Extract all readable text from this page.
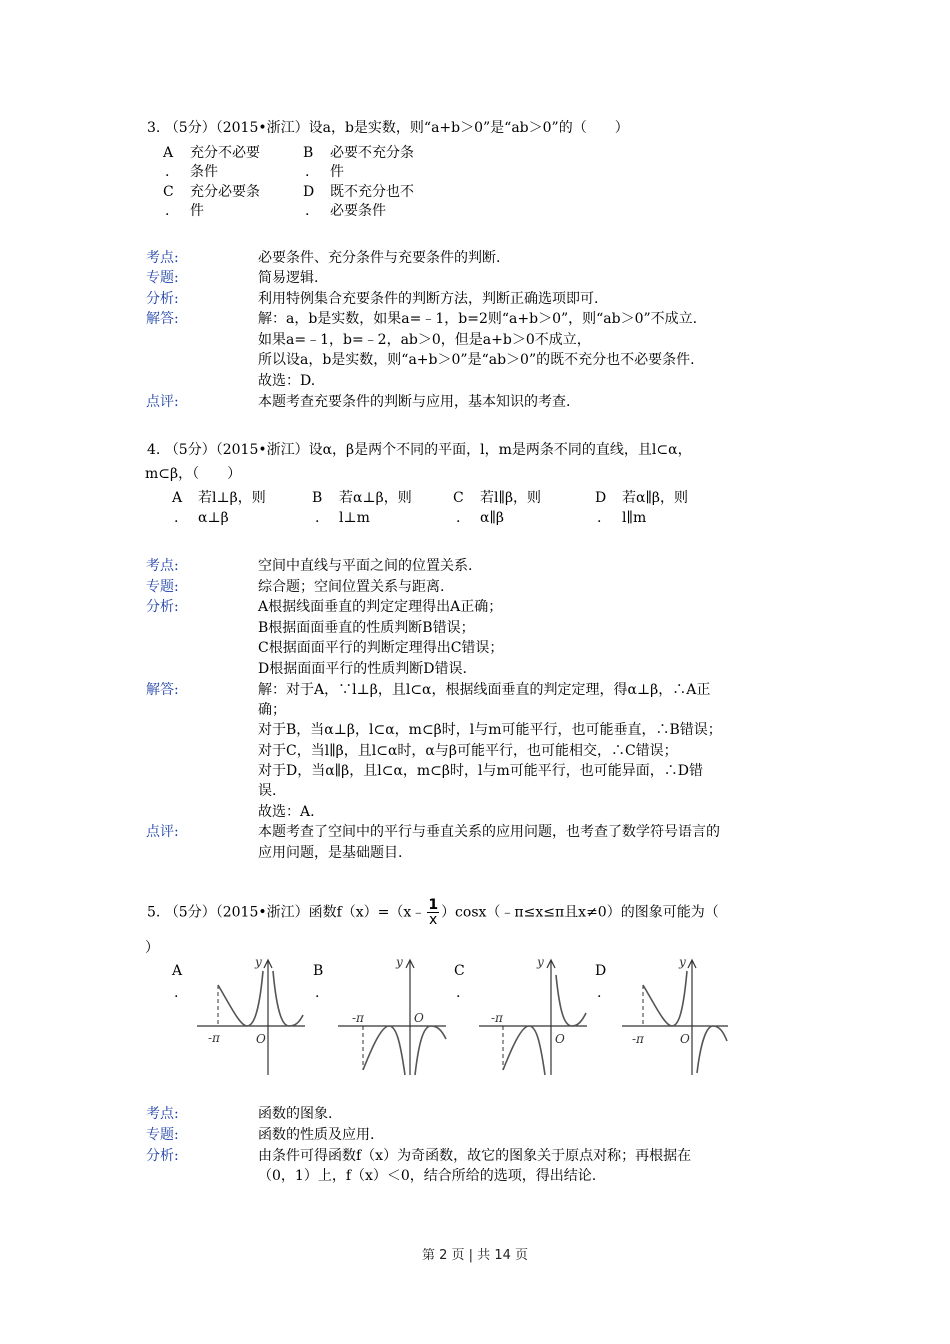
3. （5分）（2015•浙江）设a，b是实数，则“a+b＞0”是“ab＞0”的（　　）
A
.
充分不必要
条件
B
.
必要不充分条
件
C
.
充分必要条
件
D
.
既不充分也不
必要条件
考点:	必要条件、充分条件与充要条件的判断.
专题:	简易逻辑.
分析:	利用特例集合充要条件的判断方法，判断正确选项即可.
解答:	解：a，b是实数，如果a=﹣1，b=2则“a+b＞0”，则“ab＞0”不成立.
如果a=﹣1，b=﹣2，ab＞0，但是a+b＞0不成立，
所以设a，b是实数，则“a+b＞0”是“ab＞0”的既不充分也不必要条件.
故选：D.
点评:	本题考查充要条件的判断与应用，基本知识的考查.
4. （5分）（2015•浙江）设α，β是两个不同的平面，l，m是两条不同的直线，且l⊂α，
m⊂β，（　　）
A
.
若l⊥β，则
α⊥β
B
.
若α⊥β，则
l⊥m
C
.
若l∥β，则
α∥β
D
.
若α∥β，则
l∥m
考点:	空间中直线与平面之间的位置关系.
专题:	综合题；空间位置关系与距离.
分析:	A根据线面垂直的判定定理得出A正确；
B根据面面垂直的性质判断B错误；
C根据面面平行的判断定理得出C错误；
D根据面面平行的性质判断D错误.
解答:	解：对于A，∵l⊥β，且l⊂α，根据线面垂直的判定定理，得α⊥β，∴A正
确；
对于B，当α⊥β，l⊂α，m⊂β时，l与m可能平行，也可能垂直，∴B错误；
对于C，当l∥β，且l⊂α时，α与β可能平行，也可能相交，∴C错误；
对于D，当α∥β，且l⊂α，m⊂β时，l与m可能平行，也可能异面，∴D错
误.
故选：A.
点评:	本题考查了空间中的平行与垂直关系的应用问题，也考查了数学符号语言的
应用问题，是基础题目.
5. （5分）（2015•浙江）函数f（x）=（x﹣ $\frac{1}{x}$ ）cosx（﹣π≤x≤π且x≠0）的图象可能为（
）
A
.
B
.
C
.
D
.
y
-π	O
y
-π	O
y
-π
O
y
-π	O
考点:	函数的图象.
专题:	函数的性质及应用.
分析:	由条件可得函数f（x）为奇函数，故它的图象关于原点对称；再根据在
（0，1）上，f（x）＜0，结合所给的选项，得出结论.
第 2 页 | 共 14 页
